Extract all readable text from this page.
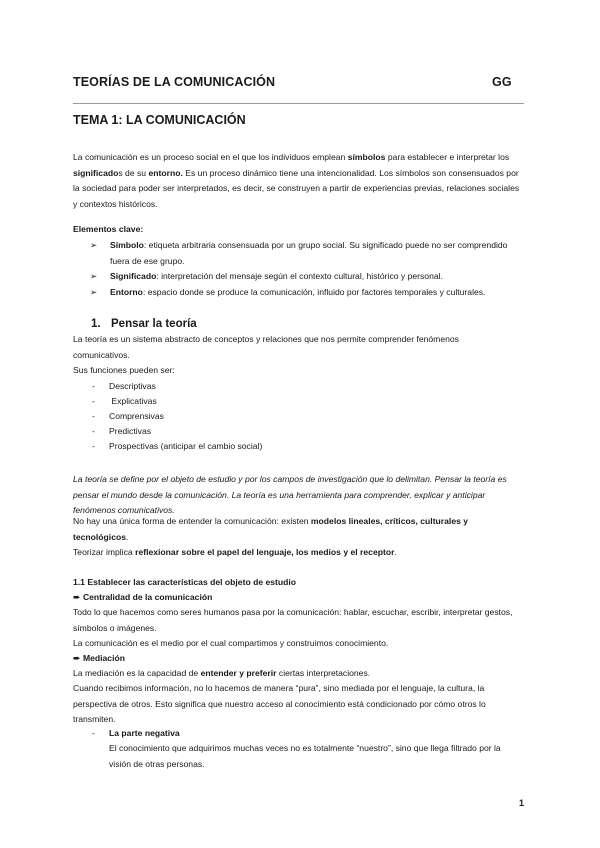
TEORÍAS DE LA COMUNICACIÓN	GG
TEMA 1: LA COMUNICACIÓN
La comunicación es un proceso social en el que los individuos emplean símbolos para establecer e interpretar los significados de su entorno. Es un proceso dinámico tiene una intencionalidad. Los símbolos son consensuados por la sociedad para poder ser interpretados, es decir, se construyen a partir de experiencias previas, relaciones sociales y contextos históricos.
Elementos clave:
➢ Símbolo: etiqueta arbitraria consensuada por un grupo social. Su significado puede no ser comprendido fuera de ese grupo.
➢ Significado: interpretación del mensaje según el contexto cultural, histórico y personal.
➢ Entorno: espacio donde se produce la comunicación, influido por factores temporales y culturales.
1. Pensar la teoría
La teoría es un sistema abstracto de conceptos y relaciones que nos permite comprender fenómenos comunicativos.
Sus funciones pueden ser:
- Descriptivas
- Explicativas
- Comprensivas
- Predictivas
- Prospectivas (anticipar el cambio social)
La teoría se define por el objeto de estudio y por los campos de investigación que lo delimitan. Pensar la teoría es pensar el mundo desde la comunicación. La teoría es una herramienta para comprender, explicar y anticipar fenómenos comunicativos.
No hay una única forma de entender la comunicación: existen modelos lineales, críticos, culturales y tecnológicos.
Teorizar implica reflexionar sobre el papel del lenguaje, los medios y el receptor.
1.1 Establecer las características del objeto de estudio
➨ Centralidad de la comunicación
Todo lo que hacemos como seres humanos pasa por la comunicación: hablar, escuchar, escribir, interpretar gestos, símbolos o imágenes.
La comunicación es el medio por el cual compartimos y construimos conocimiento.
➨ Mediación
La mediación es la capacidad de entender y preferir ciertas interpretaciones.
Cuando recibimos información, no lo hacemos de manera “pura”, sino mediada por el lenguaje, la cultura, la perspectiva de otros. Esto significa que nuestro acceso al conocimiento está condicionado por cómo otros lo transmiten.
- La parte negativa
El conocimiento que adquirimos muchas veces no es totalmente “nuestro”, sino que llega filtrado por la visión de otras personas.
1
